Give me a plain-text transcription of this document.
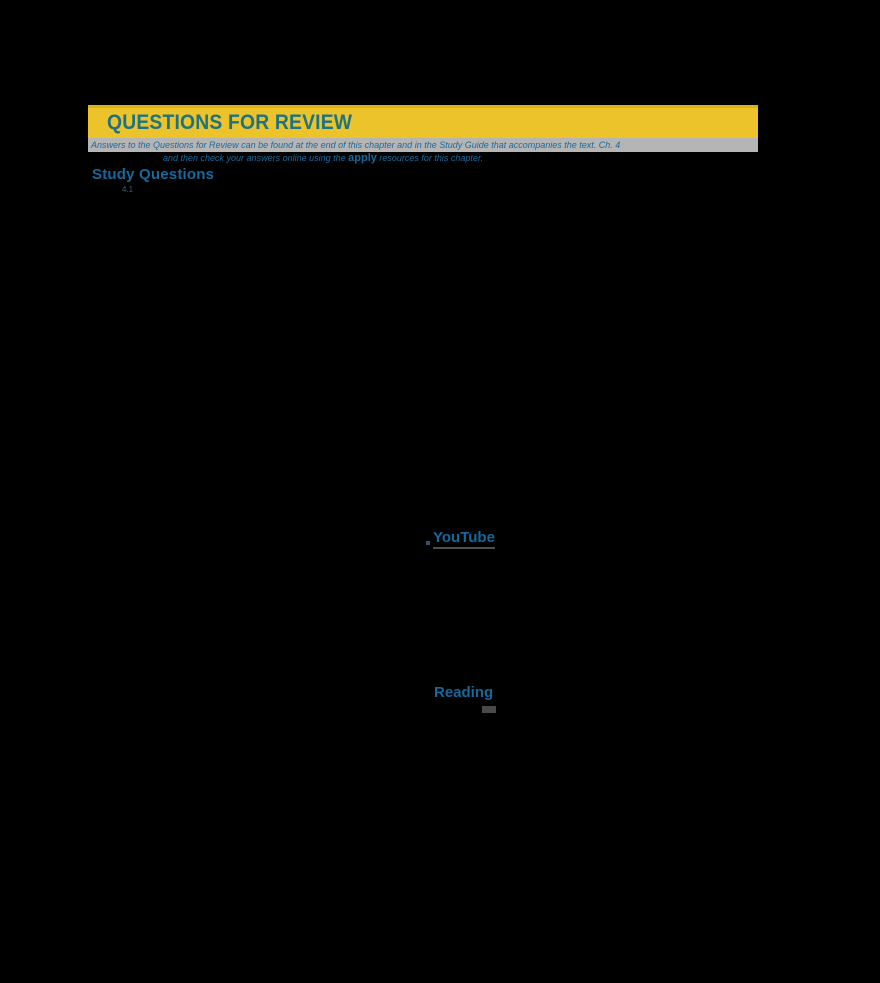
QUESTIONS FOR REVIEW
Answers to the Questions for Review can be found at the end of this chapter and in the Study Guide that accompanies the text. Ch. 4
and then check your answers online using the apply resources for this chapter.
Study Questions
4.1
YouTube
Reading
